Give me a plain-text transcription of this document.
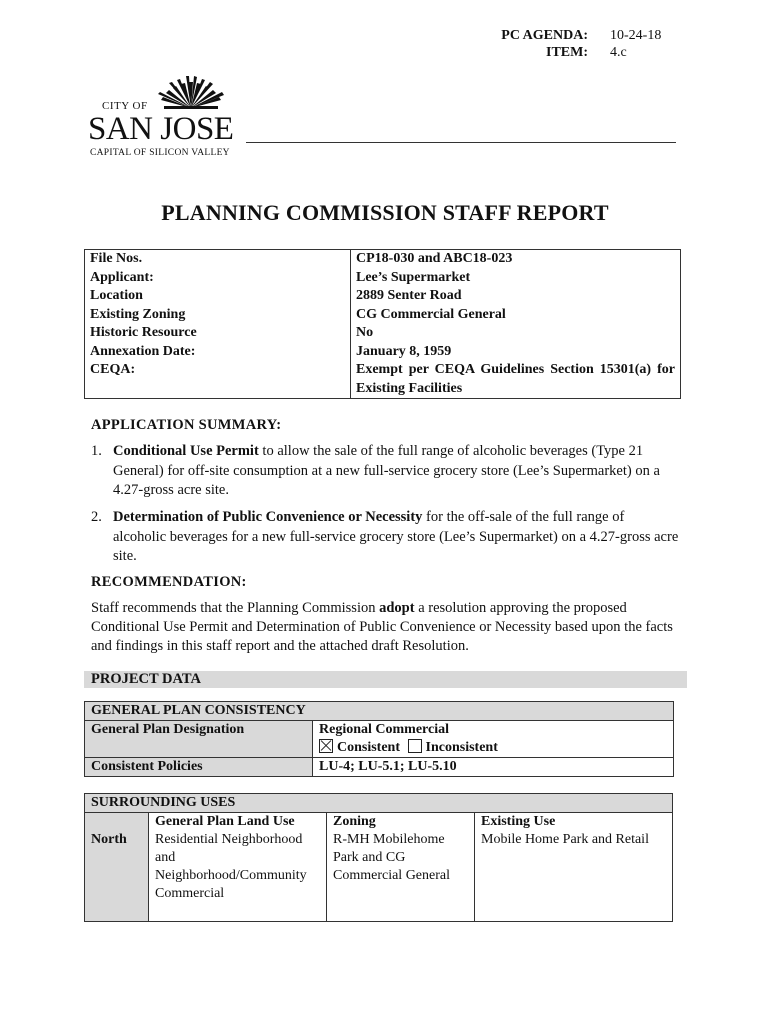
PC AGENDA:	10-24-18
ITEM:	4.c
CITY OF
SAN JOSE
CAPITAL OF SILICON VALLEY
PLANNING COMMISSION STAFF REPORT
File Nos.	CP18-030 and ABC18-023
Applicant:	Lee’s Supermarket
Location	2889 Senter Road
Existing Zoning	CG Commercial General
Historic Resource	No
Annexation Date:	January 8, 1959
CEQA:	Exempt per CEQA Guidelines Section 15301(a) for Existing Facilities
APPLICATION SUMMARY:
1. Conditional Use Permit to allow the sale of the full range of alcoholic beverages (Type 21 General) for off-site consumption at a new full-service grocery store (Lee’s Supermarket) on a 4.27-gross acre site.
2. Determination of Public Convenience or Necessity for the off-sale of the full range of alcoholic beverages for a new full-service grocery store (Lee’s Supermarket) on a 4.27-gross acre site.
RECOMMENDATION:
Staff recommends that the Planning Commission adopt a resolution approving the proposed Conditional Use Permit and Determination of Public Convenience or Necessity based upon the facts and findings in this staff report and the attached draft Resolution.
PROJECT DATA
GENERAL PLAN CONSISTENCY	
General Plan Designation	Regional Commercial
Consistent Inconsistent

Consistent Policies	LU-4; LU-5.1; LU-5.10
SURROUNDING USES			
	General Plan Land Use	Zoning	Existing Use
North	Residential Neighborhood and Neighborhood/Community Commercial	R-MH Mobilehome Park and CG Commercial General	Mobile Home Park and Retail
